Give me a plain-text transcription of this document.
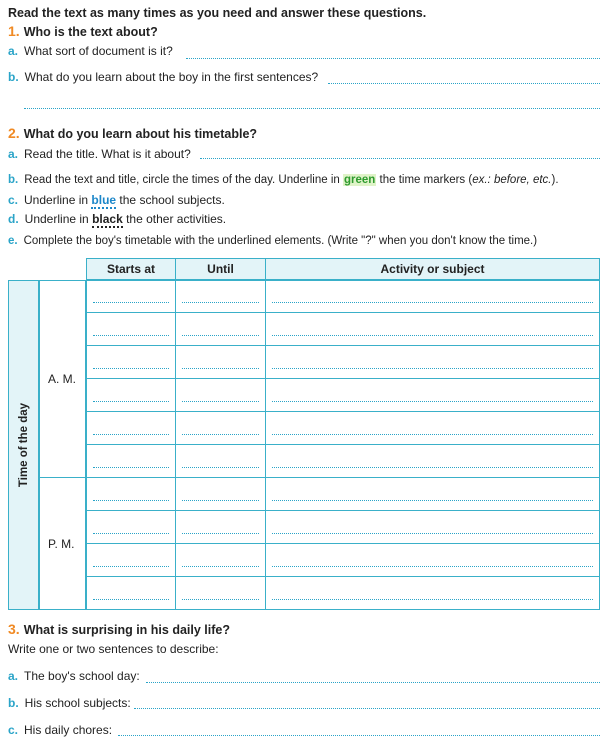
Read the text as many times as you need and answer these questions.
1. Who is the text about?
a. What sort of document is it?
b. What do you learn about the boy in the first sentences?
2. What do you learn about his timetable?
a. Read the title. What is it about?
b. Read the text and title, circle the times of the day. Underline in green the time markers (ex.: before, etc.).
c. Underline in blue the school subjects.
d. Underline in black the other activities.
e. Complete the boy's timetable with the underlined elements. (Write "?" when you don't know the time.)
Starts at	Until	Activity or subject
Time of the day
A. M.
P. M.
3. What is surprising in his daily life?
Write one or two sentences to describe:
a. The boy's school day:
b. His school subjects:
c. His daily chores:
